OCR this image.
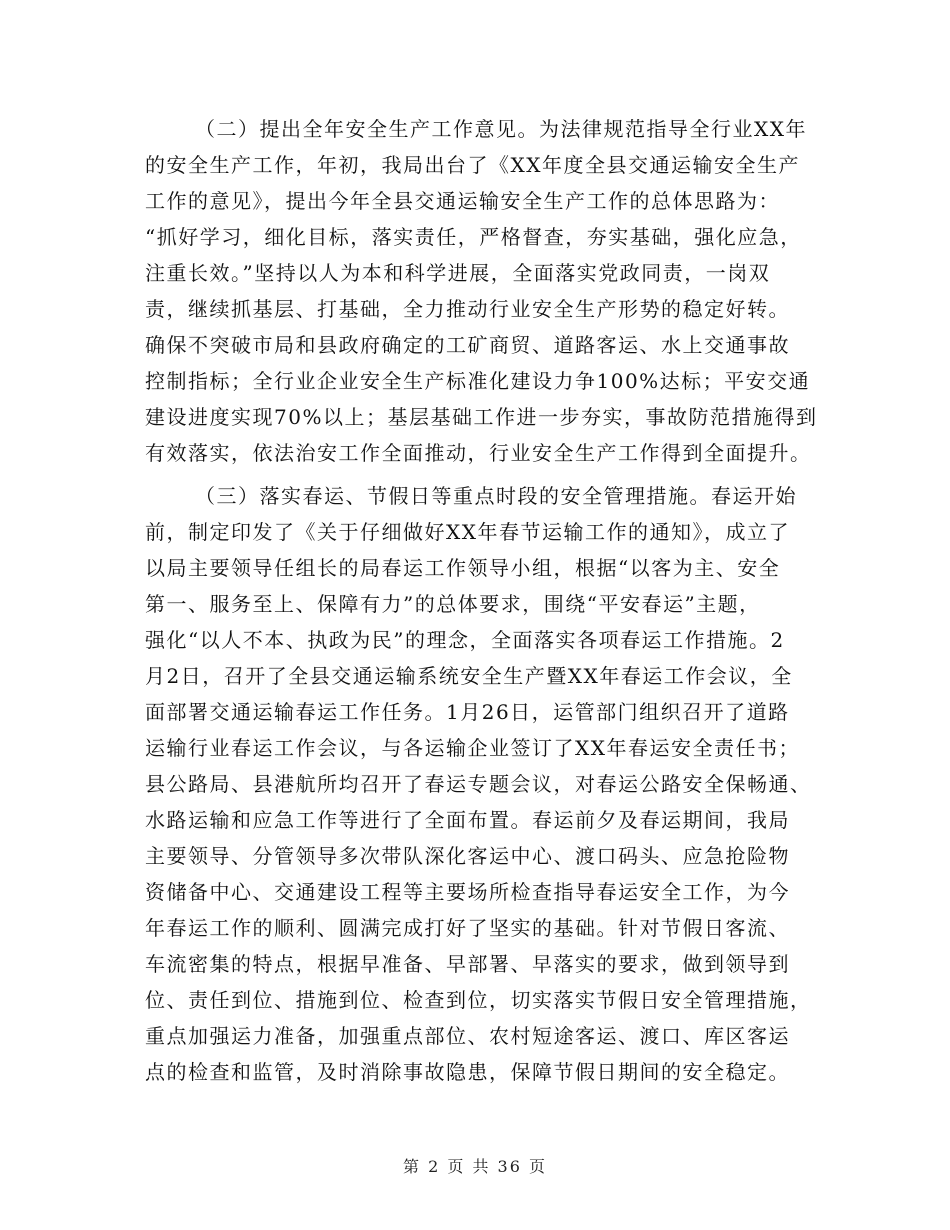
（二）提出全年安全生产工作意见。为法律规范指导全行业XX年
的安全生产工作，年初，我局出台了《XX年度全县交通运输安全生产
工作的意见》，提出今年全县交通运输安全生产工作的总体思路为：
“抓好学习，细化目标，落实责任，严格督查，夯实基础，强化应急，
注重长效。”坚持以人为本和科学进展，全面落实党政同责，一岗双
责，继续抓基层、打基础，全力推动行业安全生产形势的稳定好转。
确保不突破市局和县政府确定的工矿商贸、道路客运、水上交通事故
控制指标；全行业企业安全生产标准化建设力争100%达标；平安交通
建设进度实现70%以上；基层基础工作进一步夯实，事故防范措施得到
有效落实，依法治安工作全面推动，行业安全生产工作得到全面提升。
（三）落实春运、节假日等重点时段的安全管理措施。春运开始
前，制定印发了《关于仔细做好XX年春节运输工作的通知》，成立了
以局主要领导任组长的局春运工作领导小组，根据“以客为主、安全
第一、服务至上、保障有力”的总体要求，围绕“平安春运”主题，
强化“以人不本、执政为民”的理念，全面落实各项春运工作措施。2
月2日，召开了全县交通运输系统安全生产暨XX年春运工作会议，全
面部署交通运输春运工作任务。1月26日，运管部门组织召开了道路
运输行业春运工作会议，与各运输企业签订了XX年春运安全责任书；
县公路局、县港航所均召开了春运专题会议，对春运公路安全保畅通、
水路运输和应急工作等进行了全面布置。春运前夕及春运期间，我局
主要领导、分管领导多次带队深化客运中心、渡口码头、应急抢险物
资储备中心、交通建设工程等主要场所检查指导春运安全工作，为今
年春运工作的顺利、圆满完成打好了坚实的基础。针对节假日客流、
车流密集的特点，根据早准备、早部署、早落实的要求，做到领导到
位、责任到位、措施到位、检查到位，切实落实节假日安全管理措施，
重点加强运力准备，加强重点部位、农村短途客运、渡口、库区客运
点的检查和监管，及时消除事故隐患，保障节假日期间的安全稳定。
第 2 页 共 36 页
